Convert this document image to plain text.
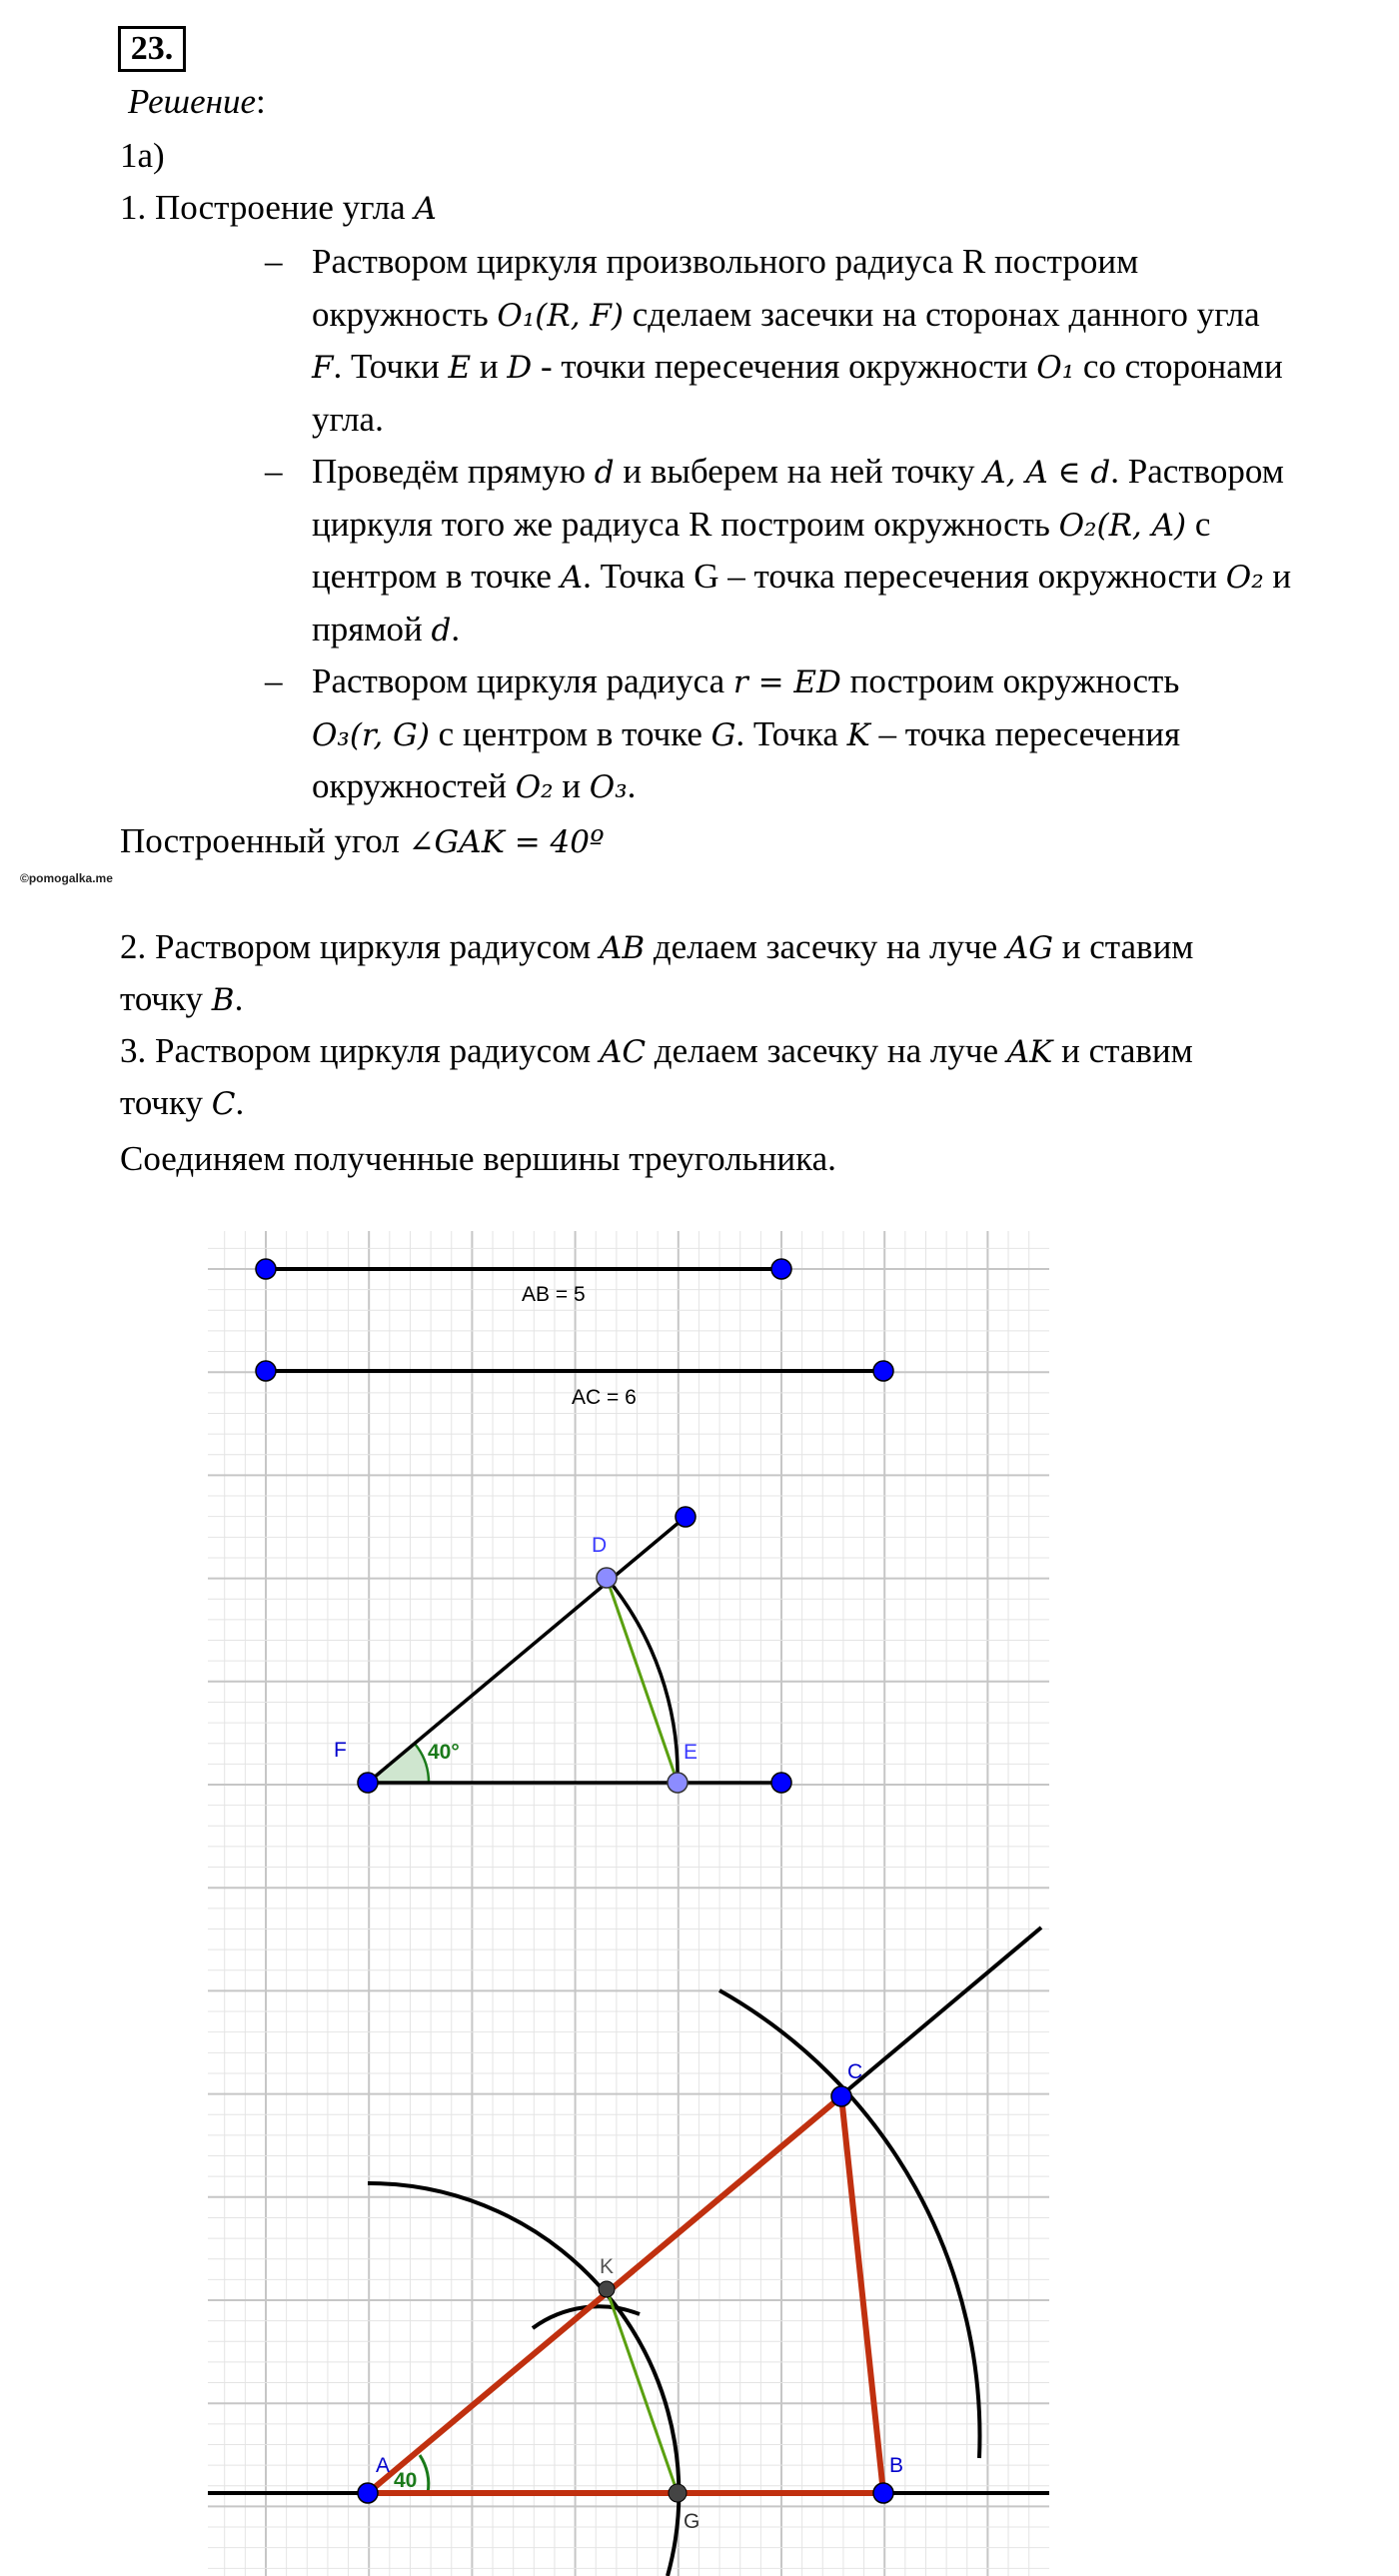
23.
Решение:
1а)
1. Построение угла A
– Раствором циркуля произвольного радиуса R построим
окружность O₁(R, F) сделаем засечки на сторонах данного угла
F. Точки E и D - точки пересечения окружности O₁ со сторонами
угла.
– Проведём прямую d и выберем на ней точку A, A ∈ d. Раствором
циркуля того же радиуса R построим окружность O₂(R, A) с
центром в точке A. Точка G – точка пересечения окружности O₂ и
прямой d.
– Раствором циркуля радиуса r = ED построим окружность
O₃(r, G) с центром в точке G. Точка K – точка пересечения
окружностей O₂ и O₃.
Построенный угол ∠GAK = 40º
©pomogalka.me
2. Раствором циркуля радиусом AB делаем засечку на луче AG и ставим
точку B.
3. Раствором циркуля радиусом AC делаем засечку на луче AK и ставим
точку C.
Соединяем полученные вершины треугольника.
AB = 5
AC = 6
D
E
F	40°
C
K
A	B
G
40
